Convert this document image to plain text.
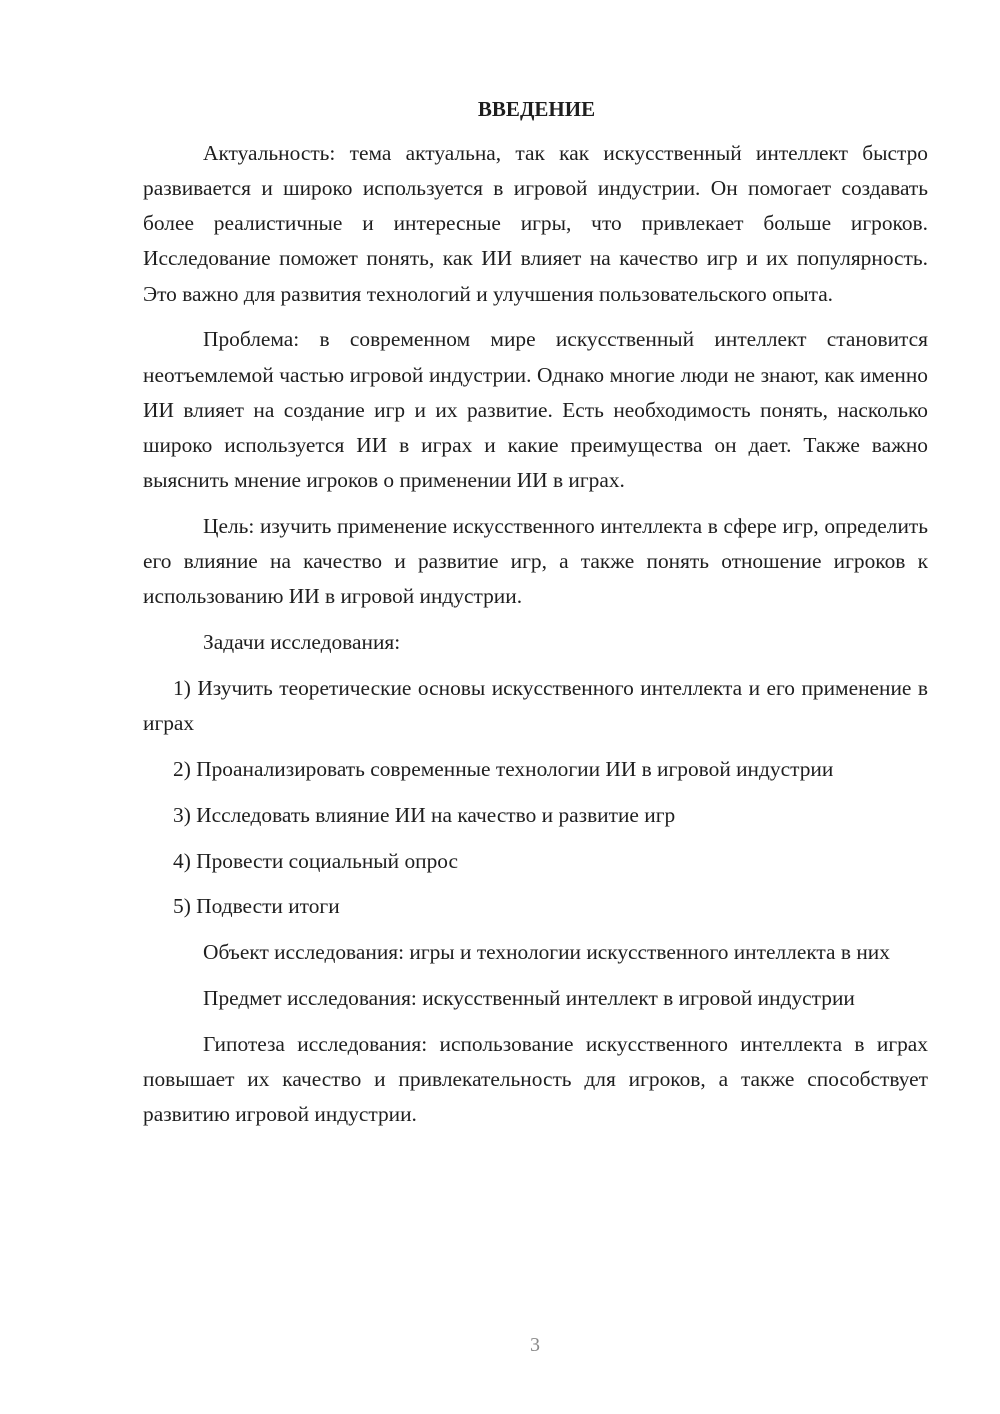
ВВЕДЕНИЕ

Актуальность: тема актуальна, так как искусственный интеллект быстро развивается и широко используется в игровой индустрии. Он помогает создавать более реалистичные и интересные игры, что привлекает больше игроков. Исследование поможет понять, как ИИ влияет на качество игр и их популярность. Это важно для развития технологий и улучшения пользовательского опыта.

Проблема: в современном мире искусственный интеллект становится неотъемлемой частью игровой индустрии. Однако многие люди не знают, как именно ИИ влияет на создание игр и их развитие. Есть необходимость понять, насколько широко используется ИИ в играх и какие преимущества он дает. Также важно выяснить мнение игроков о применении ИИ в играх.

Цель: изучить применение искусственного интеллекта в сфере игр, определить его влияние на качество и развитие игр, а также понять отношение игроков к использованию ИИ в игровой индустрии.

Задачи исследования:

1) Изучить теоретические основы искусственного интеллекта и его применение в играх

2) Проанализировать современные технологии ИИ в игровой индустрии

3) Исследовать влияние ИИ на качество и развитие игр

4) Провести социальный опрос

5) Подвести итоги

Объект исследования: игры и технологии искусственного интеллекта в них

Предмет исследования: искусственный интеллект в игровой индустрии

Гипотеза исследования: использование искусственного интеллекта в играх повышает их качество и привлекательность для игроков, а также способствует развитию игровой индустрии.

3
